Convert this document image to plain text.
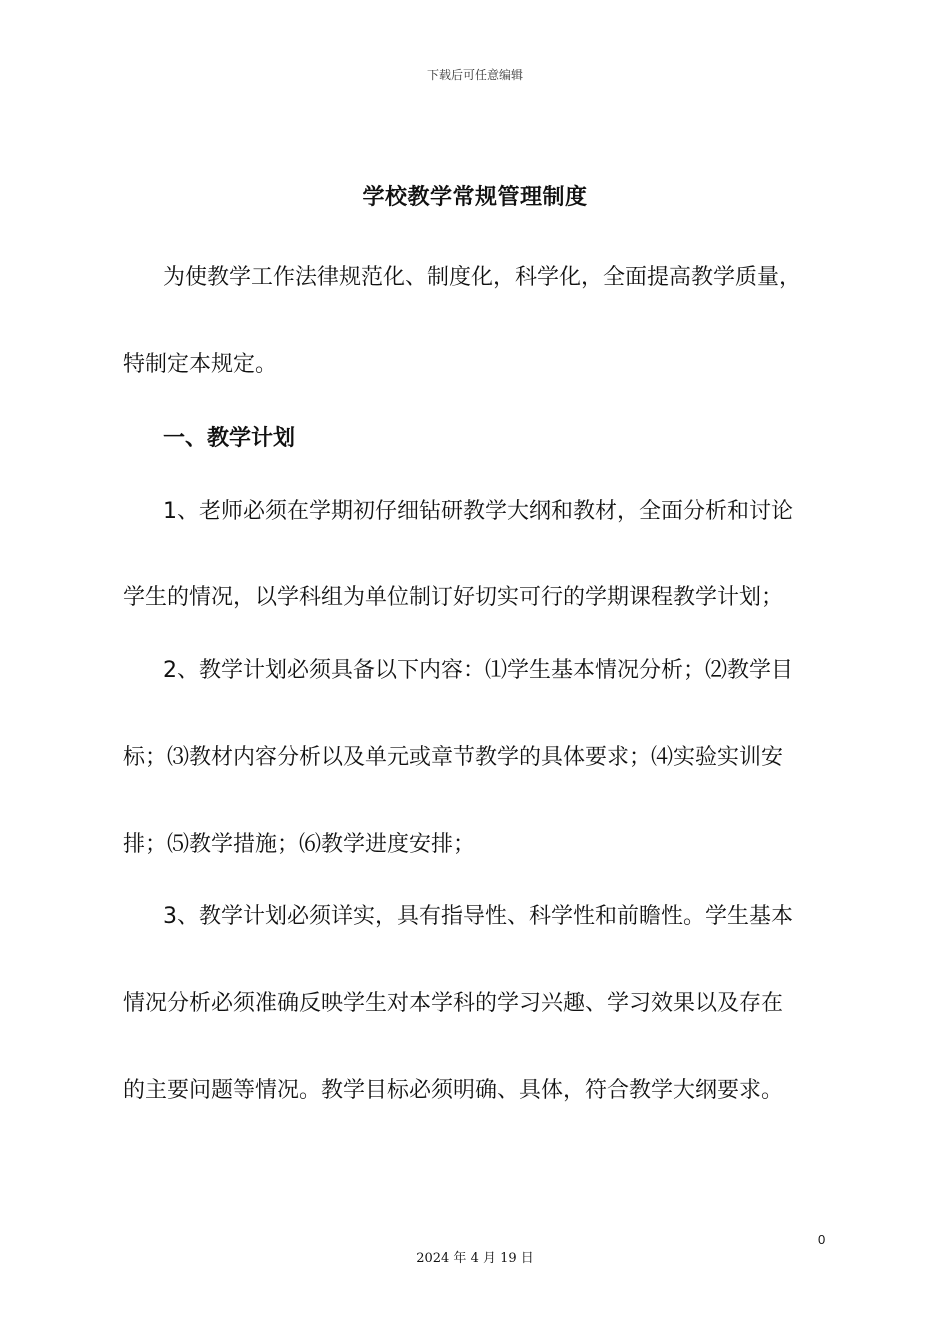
下载后可任意编辑
学校教学常规管理制度
为使教学工作法律规范化、制度化，科学化，全面提高教学质量，
特制定本规定。
一、教学计划
1、老师必须在学期初仔细钻研教学大纲和教材，全面分析和讨论
学生的情况，以学科组为单位制订好切实可行的学期课程教学计划；
2、教学计划必须具备以下内容：⑴学生基本情况分析；⑵教学目
标；⑶教材内容分析以及单元或章节教学的具体要求；⑷实验实训安
排；⑸教学措施；⑹教学进度安排；
3、教学计划必须详实，具有指导性、科学性和前瞻性。学生基本
情况分析必须准确反映学生对本学科的学习兴趣、学习效果以及存在
的主要问题等情况。教学目标必须明确、具体，符合教学大纲要求。
0
2024 年 4 月 19 日
